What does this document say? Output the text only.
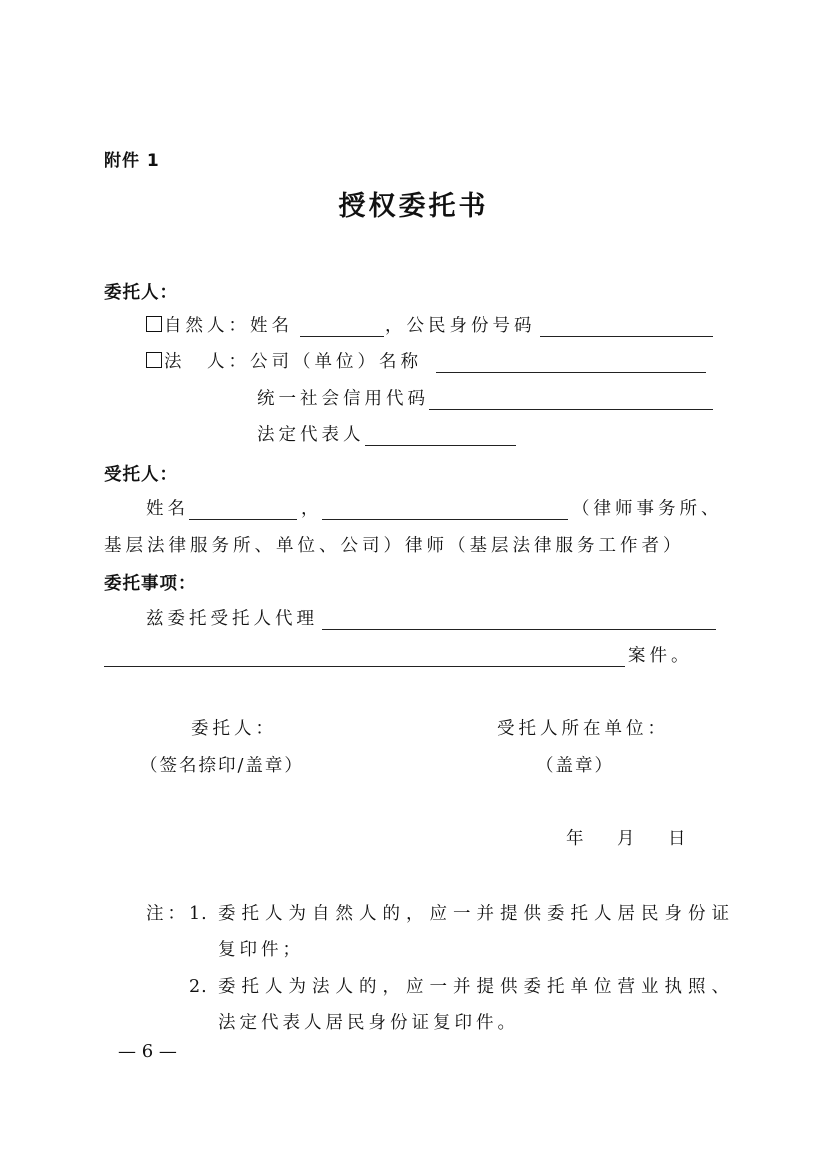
附件 1
授权委托书
委托人：
自然人：姓名	，公民身份号码
法　人：公司（单位）名称
统一社会信用代码
法定代表人
受托人：
姓名	，	（律师事务所、
基层法律服务所、单位、公司）律师（基层法律服务工作者）
委托事项：
兹委托受托人代理
案件。
委托人：	受托人所在单位：
（签名捺印/盖章）	（盖章）
年　月　日
注： 1. 委托人为自然人的，应一并提供委托人居民身份证
复印件；
2. 委托人为法人的，应一并提供委托单位营业执照、
法定代表人居民身份证复印件。
— 6 —
